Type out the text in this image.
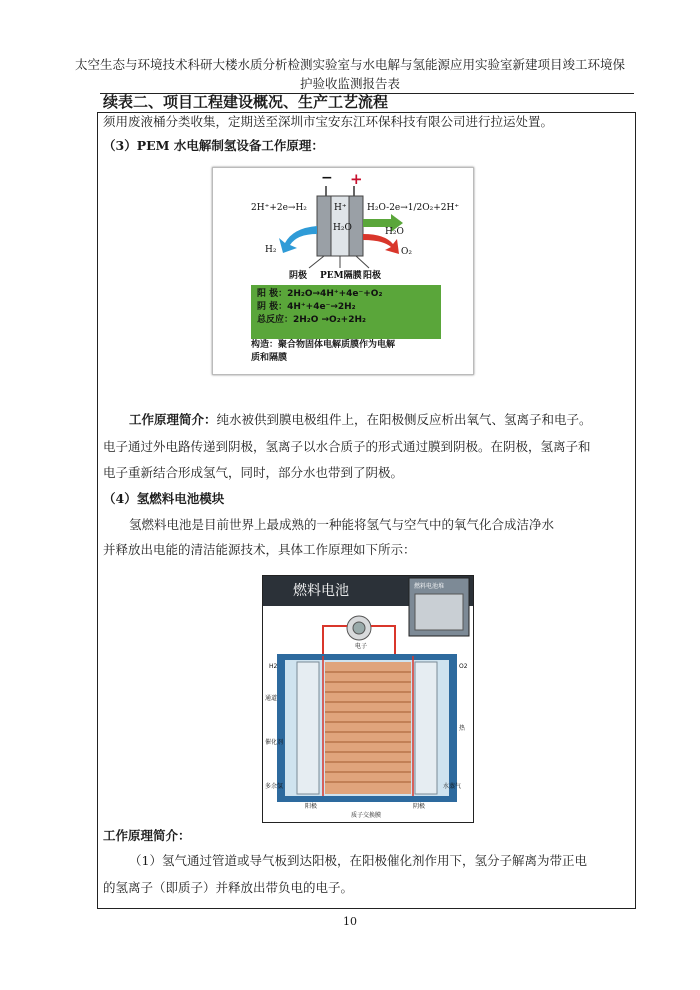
太空生态与环境技术科研大楼水质分析检测实验室与水电解与氢能源应用实验室新建项目竣工环境保
护验收监测报告表
续表二、项目工程建设概况、生产工艺流程
须用废液桶分类收集，定期送至深圳市宝安东江环保科技有限公司进行拉运处置。
（3）PEM 水电解制氢设备工作原理：
− +
2H⁺+2e→H₂	H₂O-2e→1/2O₂+2H⁺
H⁺
H₂O	H₂O
H₂	O₂
阴极 PEM隔膜 阳极
阳 极：2H₂O→4H⁺+4e⁻+O₂
阴 极：4H⁺+4e⁻→2H₂
总反应：2H₂O →O₂+2H₂
构造：聚合物固体电解质膜作为电解
质和隔膜
工作原理简介：纯水被供到膜电极组件上，在阳极侧反应析出氧气、氢离子和电子。
电子通过外电路传递到阴极，氢离子以水合质子的形式通过膜到阴极。在阴极，氢离子和
电子重新结合形成氢气，同时，部分水也带到了阴极。
（4）氢燃料电池模块
氢燃料电池是目前世界上最成熟的一种能将氢气与空气中的氧气化合成洁净水
并释放出电能的清洁能源技术，具体工作原理如下所示：
燃料电池	燃料电池堆
电子
H2	O2
通道
热
催化剂
多余氢	水蒸气
阳极	阴极
质子交换膜
工作原理简介：
（1）氢气通过管道或导气板到达阳极，在阳极催化剂作用下，氢分子解离为带正电
的氢离子（即质子）并释放出带负电的电子。
10
